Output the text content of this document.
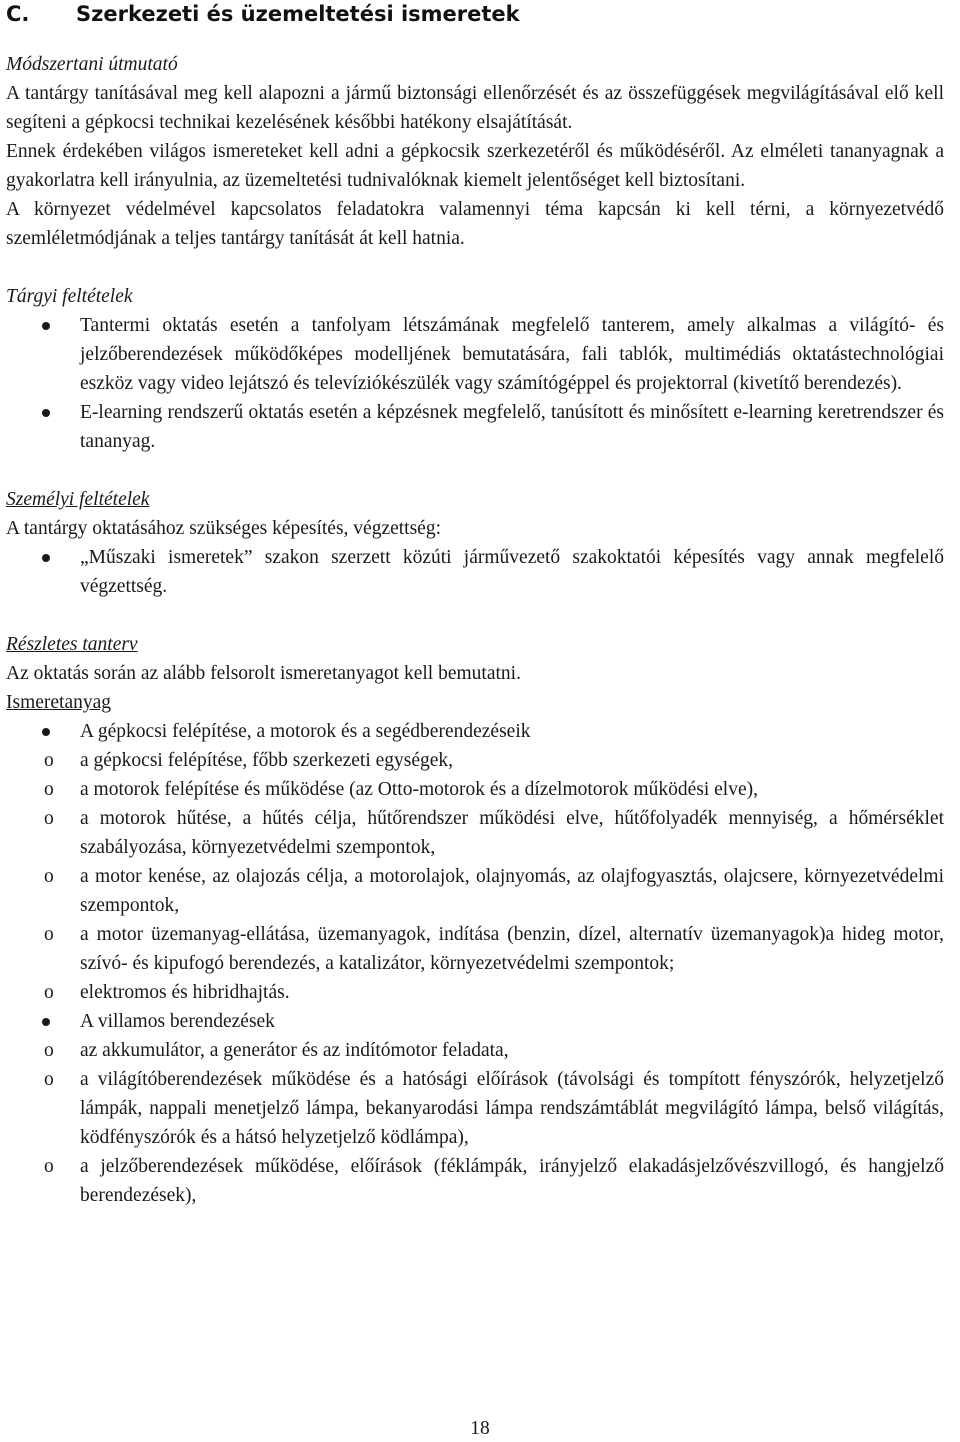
C. Szerkezeti és üzemeltetési ismeretek
Módszertani útmutató

A tantárgy tanításával meg kell alapozni a jármű biztonsági ellenőrzését és az összefüggések megvilágításával elő kell segíteni a gépkocsi technikai kezelésének későbbi hatékony elsajátítását.

Ennek érdekében világos ismereteket kell adni a gépkocsik szerkezetéről és működéséről. Az elméleti tananyagnak a gyakorlatra kell irányulnia, az üzemeltetési tudnivalóknak kiemelt jelentőséget kell biztosítani.

A környezet védelmével kapcsolatos feladatokra valamennyi téma kapcsán ki kell térni, a környezetvédő szemléletmódjának a teljes tantárgy tanítását át kell hatnia.

Tárgyi feltételek
Tantermi oktatás esetén a tanfolyam létszámának megfelelő tanterem, amely alkalmas a világító- és jelzőberendezések működőképes modelljének bemutatására, fali tablók, multimédiás oktatástechnológiai eszköz vagy video lejátszó és televíziókészülék vagy számítógéppel és projektorral (kivetítő berendezés).
E-learning rendszerű oktatás esetén a képzésnek megfelelő, tanúsított és minősített e-learning keretrendszer és tananyag.
Személyi feltételek

A tantárgy oktatásához szükséges képesítés, végzettség:

„Műszaki ismeretek” szakon szerzett közúti járművezető szakoktatói képesítés vagy annak megfelelő végzettség.
Részletes tanterv

Az oktatás során az alább felsorolt ismeretanyagot kell bemutatni.

Ismeretanyag
A gépkocsi felépítése, a motorok és a segédberendezéseik
o a gépkocsi felépítése, főbb szerkezeti egységek,
o a motorok felépítése és működése (az Otto-motorok és a dízelmotorok működési elve),
o a motorok hűtése, a hűtés célja, hűtőrendszer működési elve, hűtőfolyadék mennyiség, a hőmérséklet szabályozása, környezetvédelmi szempontok,
o a motor kenése, az olajozás célja, a motorolajok, olajnyomás, az olajfogyasztás, olajcsere, környezetvédelmi szempontok,
o a motor üzemanyag-ellátása, üzemanyagok, indítása (benzin, dízel, alternatív üzemanyagok)a hideg motor, szívó- és kipufogó berendezés, a katalizátor, környezetvédelmi szempontok;
o elektromos és hibridhajtás.
A villamos berendezések
o az akkumulátor, a generátor és az indítómotor feladata,
o a világítóberendezések működése és a hatósági előírások (távolsági és tompított fényszórók, helyzetjelző lámpák, nappali menetjelző lámpa, bekanyarodási lámpa rendszámtáblát megvilágító lámpa, belső világítás, ködfényszórók és a hátsó helyzetjelző ködlámpa),
o a jelzőberendezések működése, előírások (féklámpák, irányjelző elakadásjelzővészvillogó, és hangjelző berendezések),
18
